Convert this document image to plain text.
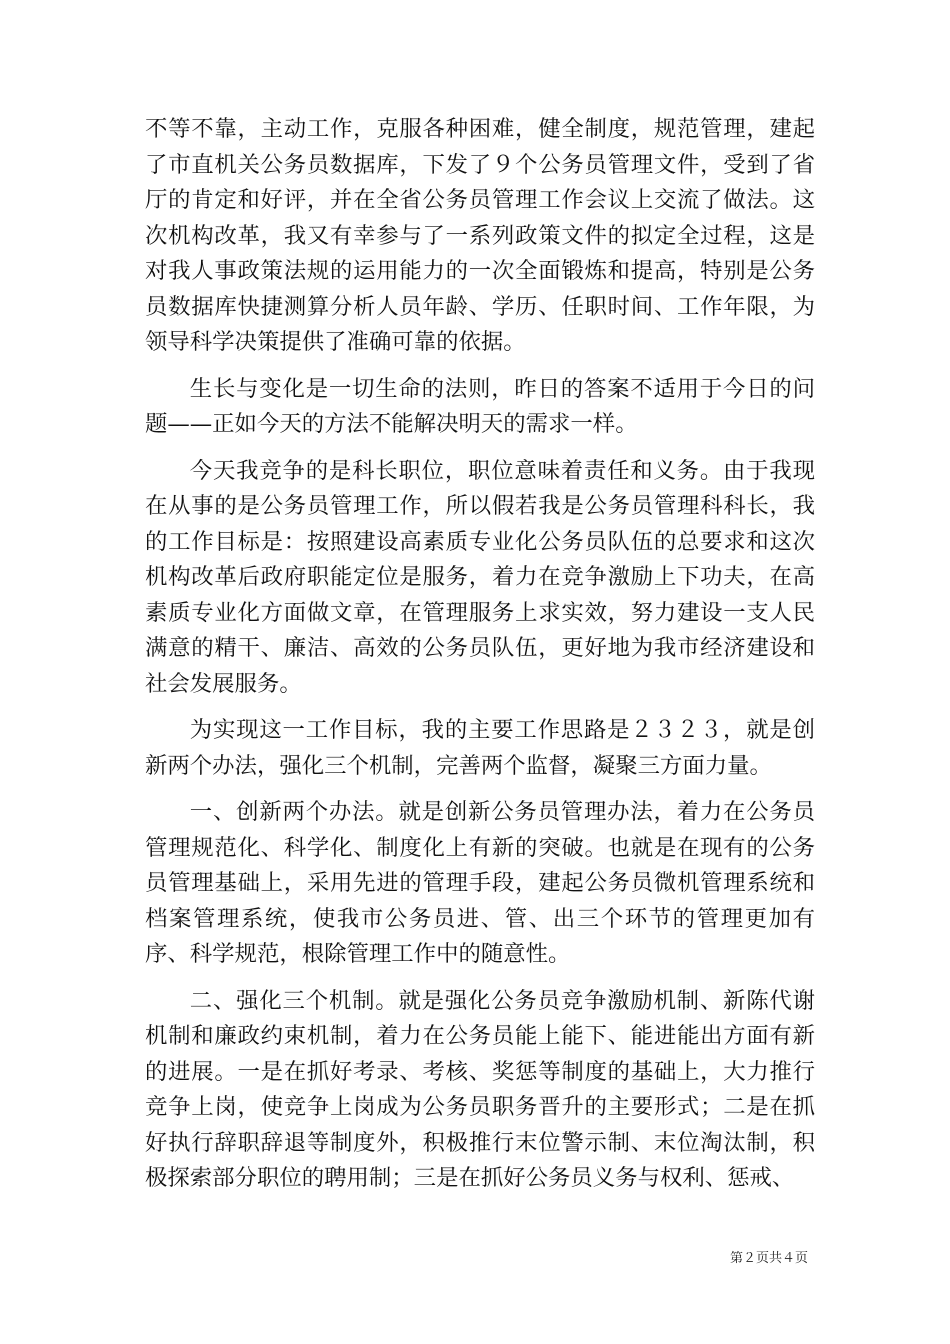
不等不靠，主动工作，克服各种困难，健全制度，规范管理，建起了市直机关公务员数据库，下发了９个公务员管理文件，受到了省厅的肯定和好评，并在全省公务员管理工作会议上交流了做法。这次机构改革，我又有幸参与了一系列政策文件的拟定全过程，这是对我人事政策法规的运用能力的一次全面锻炼和提高，特别是公务员数据库快捷测算分析人员年龄、学历、任职时间、工作年限，为领导科学决策提供了准确可靠的依据。

生长与变化是一切生命的法则，昨日的答案不适用于今日的问题——正如今天的方法不能解决明天的需求一样。

今天我竞争的是科长职位，职位意味着责任和义务。由于我现在从事的是公务员管理工作，所以假若我是公务员管理科科长，我的工作目标是：按照建设高素质专业化公务员队伍的总要求和这次机构改革后政府职能定位是服务，着力在竞争激励上下功夫，在高素质专业化方面做文章，在管理服务上求实效，努力建设一支人民满意的精干、廉洁、高效的公务员队伍，更好地为我市经济建设和社会发展服务。

为实现这一工作目标，我的主要工作思路是２３２３，就是创新两个办法，强化三个机制，完善两个监督，凝聚三方面力量。

一、创新两个办法。就是创新公务员管理办法，着力在公务员管理规范化、科学化、制度化上有新的突破。也就是在现有的公务员管理基础上，采用先进的管理手段，建起公务员微机管理系统和档案管理系统，使我市公务员进、管、出三个环节的管理更加有序、科学规范，根除管理工作中的随意性。

二、强化三个机制。就是强化公务员竞争激励机制、新陈代谢机制和廉政约束机制，着力在公务员能上能下、能进能出方面有新的进展。一是在抓好考录、考核、奖惩等制度的基础上，大力推行竞争上岗，使竞争上岗成为公务员职务晋升的主要形式；二是在抓好执行辞职辞退等制度外，积极推行末位警示制、末位淘汰制，积极探索部分职位的聘用制；三是在抓好公务员义务与权利、惩戒、

第２页共４页
